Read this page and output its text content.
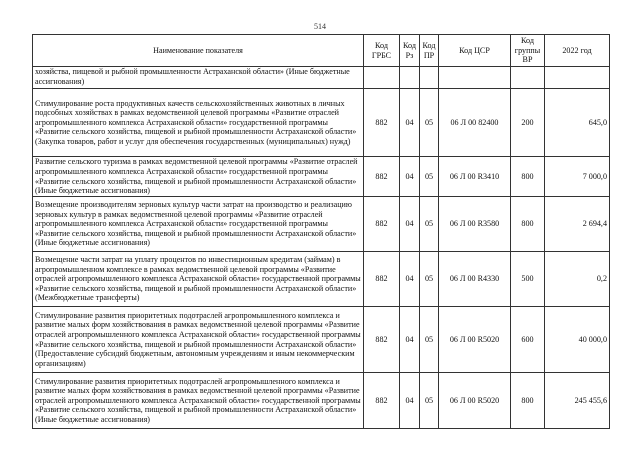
514
Наименование показателя	Код ГРБС	Код Рз	Код ПР	Код ЦСР	Код группы ВР	2022 год
хозяйства, пищевой и рыбной промышленности Астраханской области» (Иные бюджетные ассигнования)						
Стимулирование роста продуктивных качеств сельскохозяйственных животных в личных подсобных хозяйствах в рамках ведомственной целевой программы «Развитие отраслей агропромышленного комплекса Астраханской области» государственной программы «Развитие сельского хозяйства, пищевой и рыбной промышленности Астраханской области» (Закупка товаров, работ и услуг для обеспечения государственных (муниципальных) нужд)	882	04	05	06 Л 00 82400	200	645,0
Развитие сельского туризма в рамках ведомственной целевой программы «Развитие отраслей агропромышленного комплекса Астраханской области» государственной программы «Развитие сельского хозяйства, пищевой и рыбной промышленности Астраханской области» (Иные бюджетные ассигнования)	882	04	05	06 Л 00 R3410	800	7 000,0
Возмещение производителям зерновых культур части затрат на производство и реализацию зерновых культур в рамках ведомственной целевой программы «Развитие отраслей агропромышленного комплекса Астраханской области» государственной программы «Развитие сельского хозяйства, пищевой и рыбной промышленности Астраханской области» (Иные бюджетные ассигнования)	882	04	05	06 Л 00 R3580	800	2 694,4
Возмещение части затрат на уплату процентов по инвестиционным кредитам (займам) в агропромышленном комплексе в рамках ведомственной целевой программы «Развитие отраслей агропромышленного комплекса Астраханской области» государственной программы «Развитие сельского хозяйства, пищевой и рыбной промышленности Астраханской области» (Межбюджетные трансферты)	882	04	05	06 Л 00 R4330	500	0,2
Стимулирование развития приоритетных подотраслей агропромышленного комплекса и развитие малых форм хозяйствования в рамках ведомственной целевой программы «Развитие отраслей агропромышленного комплекса Астраханской области» государственной программы «Развитие сельского хозяйства, пищевой и рыбной промышленности Астраханской области» (Предоставление субсидий бюджетным, автономным учреждениям и иным некоммерческим организациям)	882	04	05	06 Л 00 R5020	600	40 000,0
Стимулирование развития приоритетных подотраслей агропромышленного комплекса и развитие малых форм хозяйствования в рамках ведомственной целевой программы «Развитие отраслей агропромышленного комплекса Астраханской области» государственной программы «Развитие сельского хозяйства, пищевой и рыбной промышленности Астраханской области» (Иные бюджетные ассигнования)	882	04	05	06 Л 00 R5020	800	245 455,6
